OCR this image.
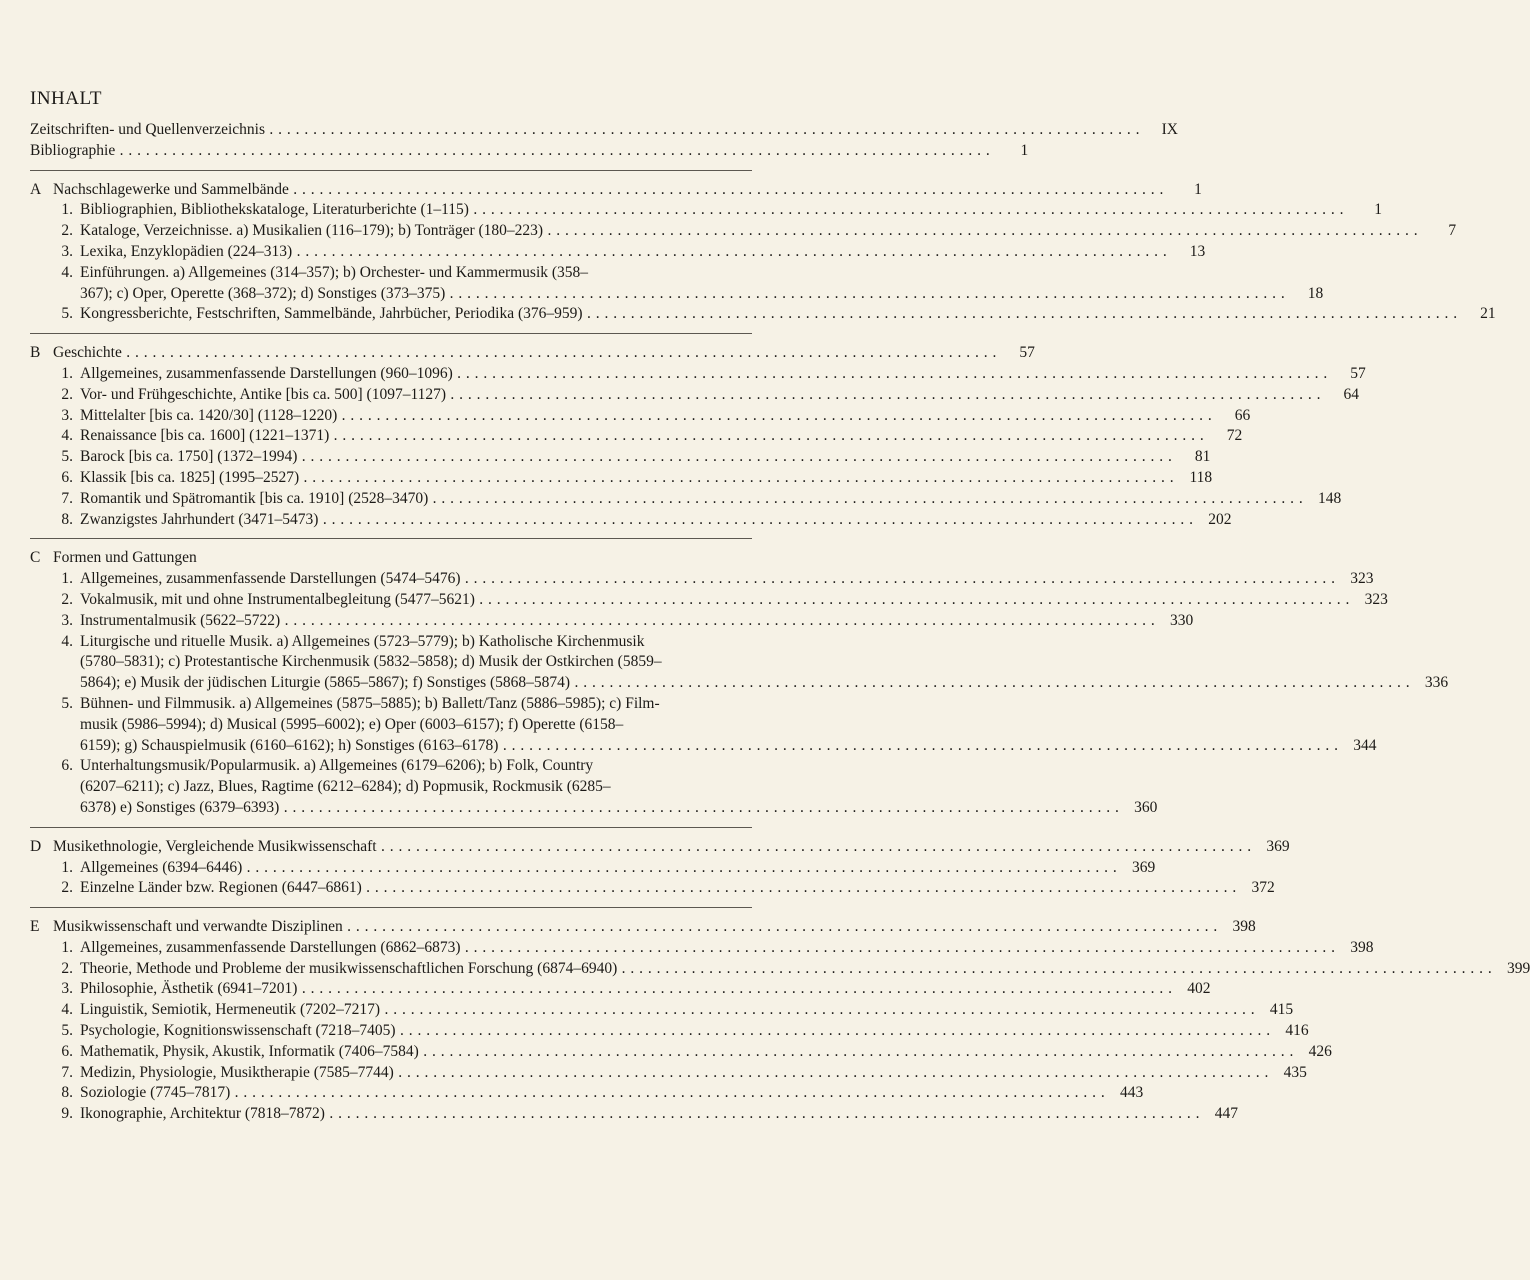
INHALT
Zeitschriften- und Quellenverzeichnis . . .	IX
Bibliographie . . .	1
A Nachschlagewerke und Sammelbände . . .	1
1. Bibliographien, Bibliothekskataloge, Literaturberichte (1–115) . . .	1
2. Kataloge, Verzeichnisse. a) Musikalien (116–179); b) Tonträger (180–223) . . .	7
3. Lexika, Enzyklopädien (224–313) . . .	13
4. Einführungen. a) Allgemeines (314–357); b) Orchester- und Kammermusik (358–
367); c) Oper, Operette (368–372); d) Sonstiges (373–375) . . .	18
5. Kongressberichte, Festschriften, Sammelbände, Jahrbücher, Periodika (376–959) . . .	21
B Geschichte . . .	57
1. Allgemeines, zusammenfassende Darstellungen (960–1096) . . .	57
2. Vor- und Frühgeschichte, Antike [bis ca. 500] (1097–1127) . . .	64
3. Mittelalter [bis ca. 1420/30] (1128–1220) . . .	66
4. Renaissance [bis ca. 1600] (1221–1371) . . .	72
5. Barock [bis ca. 1750] (1372–1994) . . .	81
6. Klassik [bis ca. 1825] (1995–2527) . . .	118
7. Romantik und Spätromantik [bis ca. 1910] (2528–3470) . . .	148
8. Zwanzigstes Jahrhundert (3471–5473) . . .	202
C Formen und Gattungen
1. Allgemeines, zusammenfassende Darstellungen (5474–5476) . . .	323
2. Vokalmusik, mit und ohne Instrumentalbegleitung (5477–5621) . . .	323
3. Instrumentalmusik (5622–5722) . . .	330
4. Liturgische und rituelle Musik. a) Allgemeines (5723–5779); b) Katholische Kirchenmusik
(5780–5831); c) Protestantische Kirchenmusik (5832–5858); d) Musik der Ostkirchen (5859–
5864); e) Musik der jüdischen Liturgie (5865–5867); f) Sonstiges (5868–5874) . . .	336
5. Bühnen- und Filmmusik. a) Allgemeines (5875–5885); b) Ballett/Tanz (5886–5985); c) Film-
musik (5986–5994); d) Musical (5995–6002); e) Oper (6003–6157); f) Operette (6158–
6159); g) Schauspielmusik (6160–6162); h) Sonstiges (6163–6178) . . .	344
6. Unterhaltungsmusik/Popularmusik. a) Allgemeines (6179–6206); b) Folk, Country
(6207–6211); c) Jazz, Blues, Ragtime (6212–6284); d) Popmusik, Rockmusik (6285–
6378) e) Sonstiges (6379–6393) . . .	360
D Musikethnologie, Vergleichende Musikwissenschaft . . .	369
1. Allgemeines (6394–6446) . . .	369
2. Einzelne Länder bzw. Regionen (6447–6861) . . .	372
E Musikwissenschaft und verwandte Disziplinen . . .	398
1. Allgemeines, zusammenfassende Darstellungen (6862–6873) . . .	398
2. Theorie, Methode und Probleme der musikwissenschaftlichen Forschung (6874–6940) . . .	399
3. Philosophie, Ästhetik (6941–7201) . . .	402
4. Linguistik, Semiotik, Hermeneutik (7202–7217) . . .	415
5. Psychologie, Kognitionswissenschaft (7218–7405) . . .	416
6. Mathematik, Physik, Akustik, Informatik (7406–7584) . . .	426
7. Medizin, Physiologie, Musiktherapie (7585–7744) . . .	435
8. Soziologie (7745–7817) . . .	443
9. Ikonographie, Architektur (7818–7872) . . .	447
